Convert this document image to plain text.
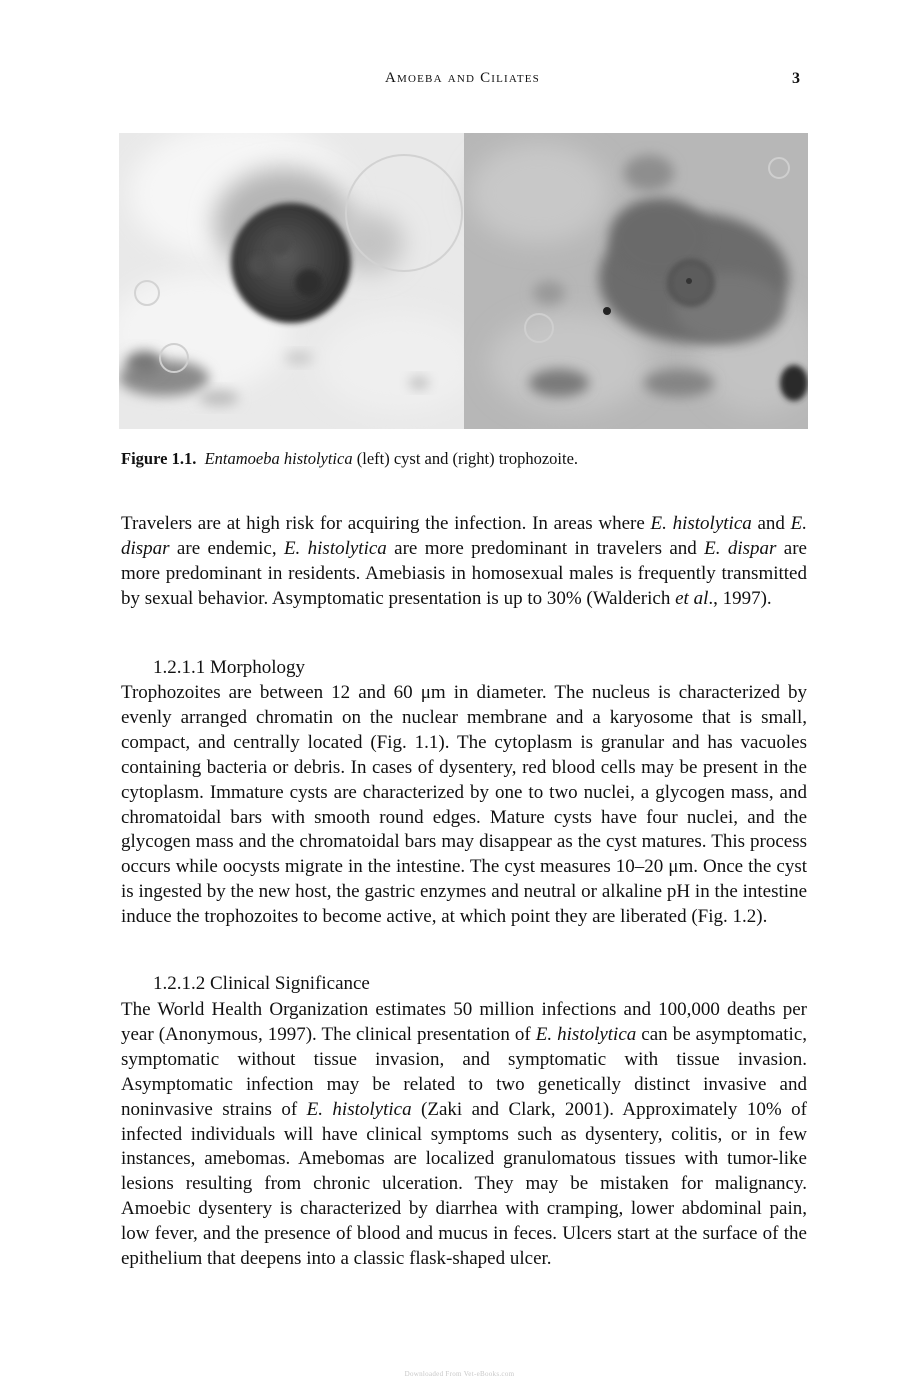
Amoeba and Ciliates	3
Figure 1.1. Entamoeba histolytica (left) cyst and (right) trophozoite.

Travelers are at high risk for acquiring the infection. In areas where E. histolytica and E. dispar are endemic, E. histolytica are more predominant in travelers and E. dispar are more predominant in residents. Amebiasis in homosexual males is frequently transmitted by sexual behavior. Asymptomatic presentation is up to 30% (Walderich et al., 1997).

1.2.1.1 Morphology

Trophozoites are between 12 and 60 μm in diameter. The nucleus is characterized by evenly arranged chromatin on the nuclear membrane and a karyosome that is small, compact, and centrally located (Fig. 1.1). The cytoplasm is granular and has vacuoles containing bacteria or debris. In cases of dysentery, red blood cells may be present in the cytoplasm. Immature cysts are characterized by one to two nuclei, a glycogen mass, and chromatoidal bars with smooth round edges. Mature cysts have four nuclei, and the glycogen mass and the chromatoidal bars may disappear as the cyst matures. This process occurs while oocysts migrate in the intestine. The cyst measures 10–20 μm. Once the cyst is ingested by the new host, the gastric enzymes and neutral or alkaline pH in the intestine induce the trophozoites to become active, at which point they are liberated (Fig. 1.2).

1.2.1.2 Clinical Significance

The World Health Organization estimates 50 million infections and 100,000 deaths per year (Anonymous, 1997). The clinical presentation of E. histolytica can be asymptomatic, symptomatic without tissue invasion, and symptomatic with tissue invasion. Asymptomatic infection may be related to two genetically distinct invasive and noninvasive strains of E. histolytica (Zaki and Clark, 2001). Approximately 10% of infected individuals will have clinical symptoms such as dysentery, colitis, or in few instances, amebomas. Amebomas are localized granulomatous tissues with tumor-like lesions resulting from chronic ulceration. They may be mistaken for malignancy. Amoebic dysentery is characterized by diarrhea with cramping, lower abdominal pain, low fever, and the presence of blood and mucus in feces. Ulcers start at the surface of the epithelium that deepens into a classic flask-shaped ulcer.

Downloaded From Vet-eBooks.com
